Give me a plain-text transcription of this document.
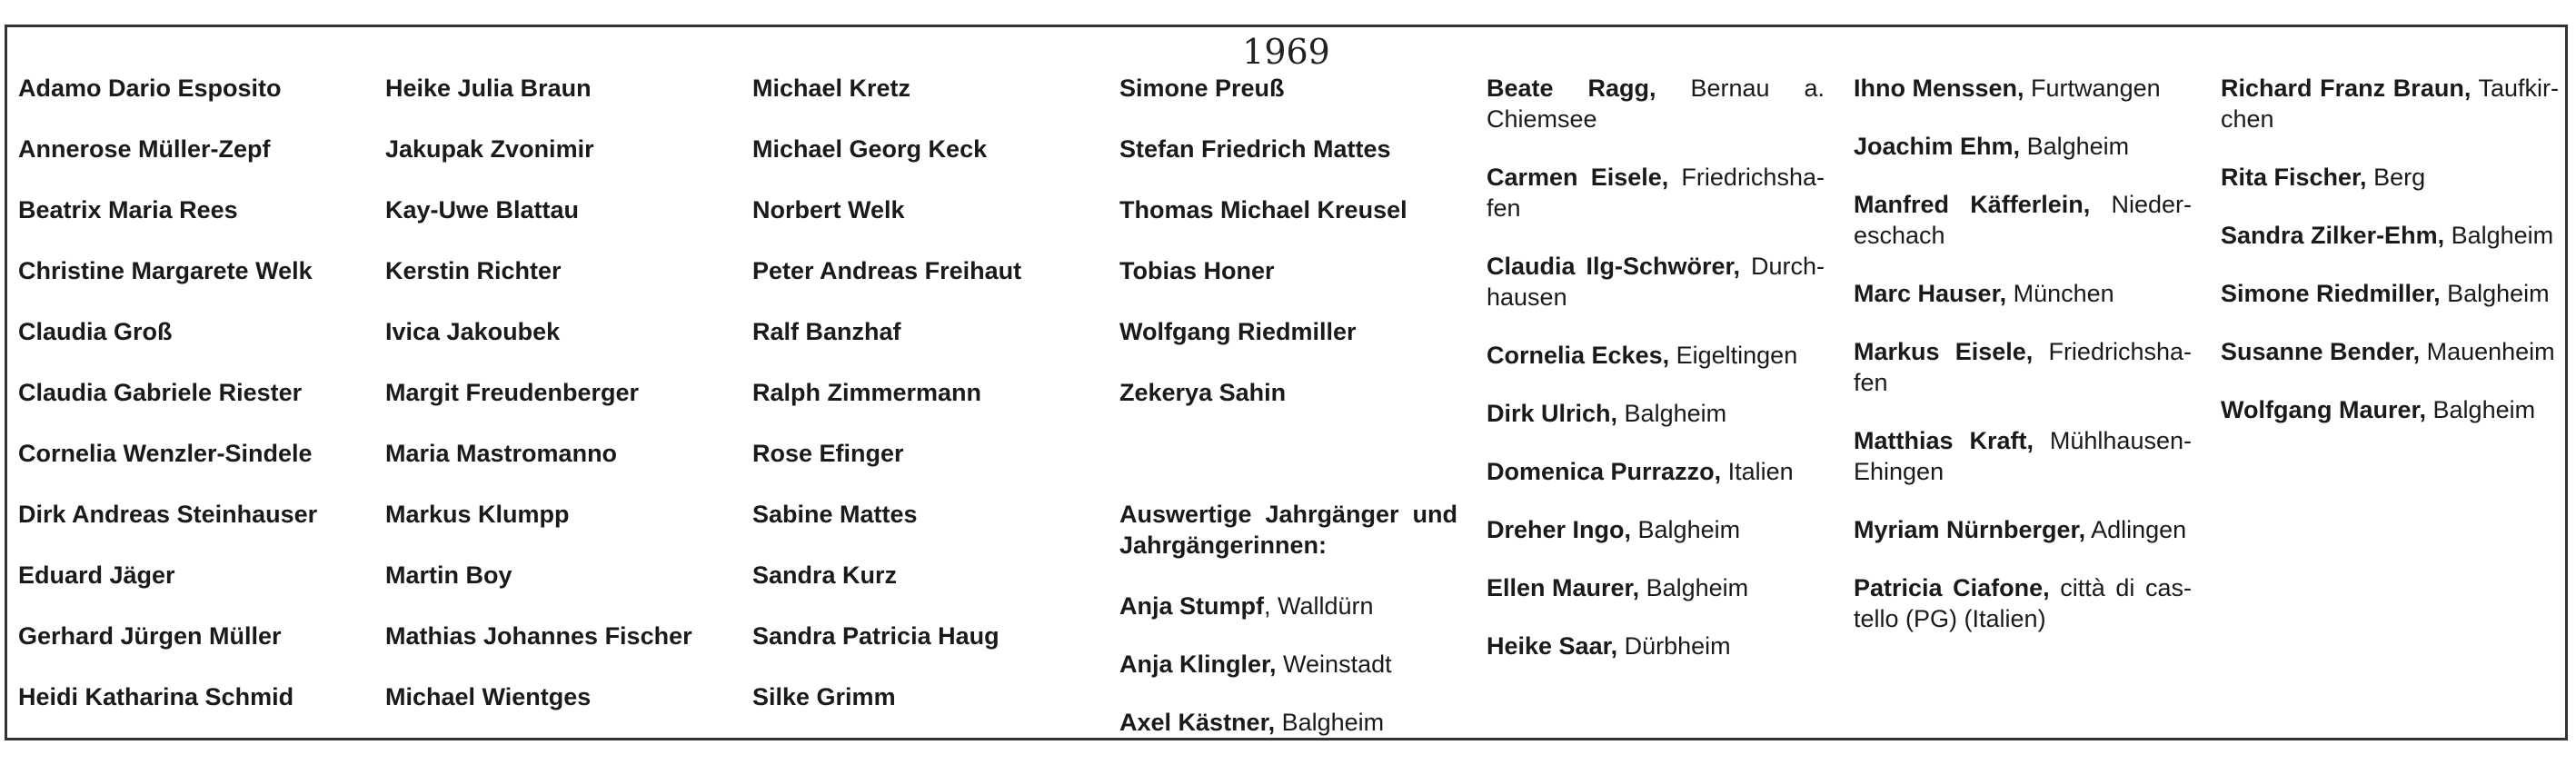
1969
Adamo Dario Esposito
Annerose Müller-Zepf
Beatrix Maria Rees
Christine Margarete Welk
Claudia Groß
Claudia Gabriele Riester
Cornelia Wenzler-Sindele
Dirk Andreas Steinhauser
Eduard Jäger
Gerhard Jürgen Müller
Heidi Katharina Schmid
Heike Julia Braun
Jakupak Zvonimir
Kay-Uwe Blattau
Kerstin Richter
Ivica Jakoubek
Margit Freudenberger
Maria Mastromanno
Markus Klumpp
Martin Boy
Mathias Johannes Fischer
Michael Wientges
Michael Kretz
Michael Georg Keck
Norbert Welk
Peter Andreas Freihaut
Ralf Banzhaf
Ralph Zimmermann
Rose Efinger
Sabine Mattes
Sandra Kurz
Sandra Patricia Haug
Silke Grimm
Simone Preuß
Stefan Friedrich Mattes
Thomas Michael Kreusel
Tobias Honer
Wolfgang Riedmiller
Zekerya Sahin
Auswertige Jahrgänger und Jahrgängerinnen:
Anja Stumpf, Walldürn
Anja Klingler, Weinstadt
Axel Kästner, Balgheim
Beate Ragg, Bernau a. Chiemsee
Carmen Eisele, Friedrichshafen
Claudia Ilg-Schwörer, Durchhausen
Cornelia Eckes, Eigeltingen
Dirk Ulrich, Balgheim
Domenica Purrazzo, Italien
Dreher Ingo, Balgheim
Ellen Maurer, Balgheim
Heike Saar, Dürbheim
Ihno Menssen, Furtwangen
Joachim Ehm, Balgheim
Manfred Käfferlein, Niedereschach
Marc Hauser, München
Markus Eisele, Friedrichshafen
Matthias Kraft, Mühlhausen-Ehingen
Myriam Nürnberger, Adlingen
Patricia Ciafone, città di castello (PG) (Italien)
Richard Franz Braun, Taufkirchen
Rita Fischer, Berg
Sandra Zilker-Ehm, Balgheim
Simone Riedmiller, Balgheim
Susanne Bender, Mauenheim
Wolfgang Maurer, Balgheim
